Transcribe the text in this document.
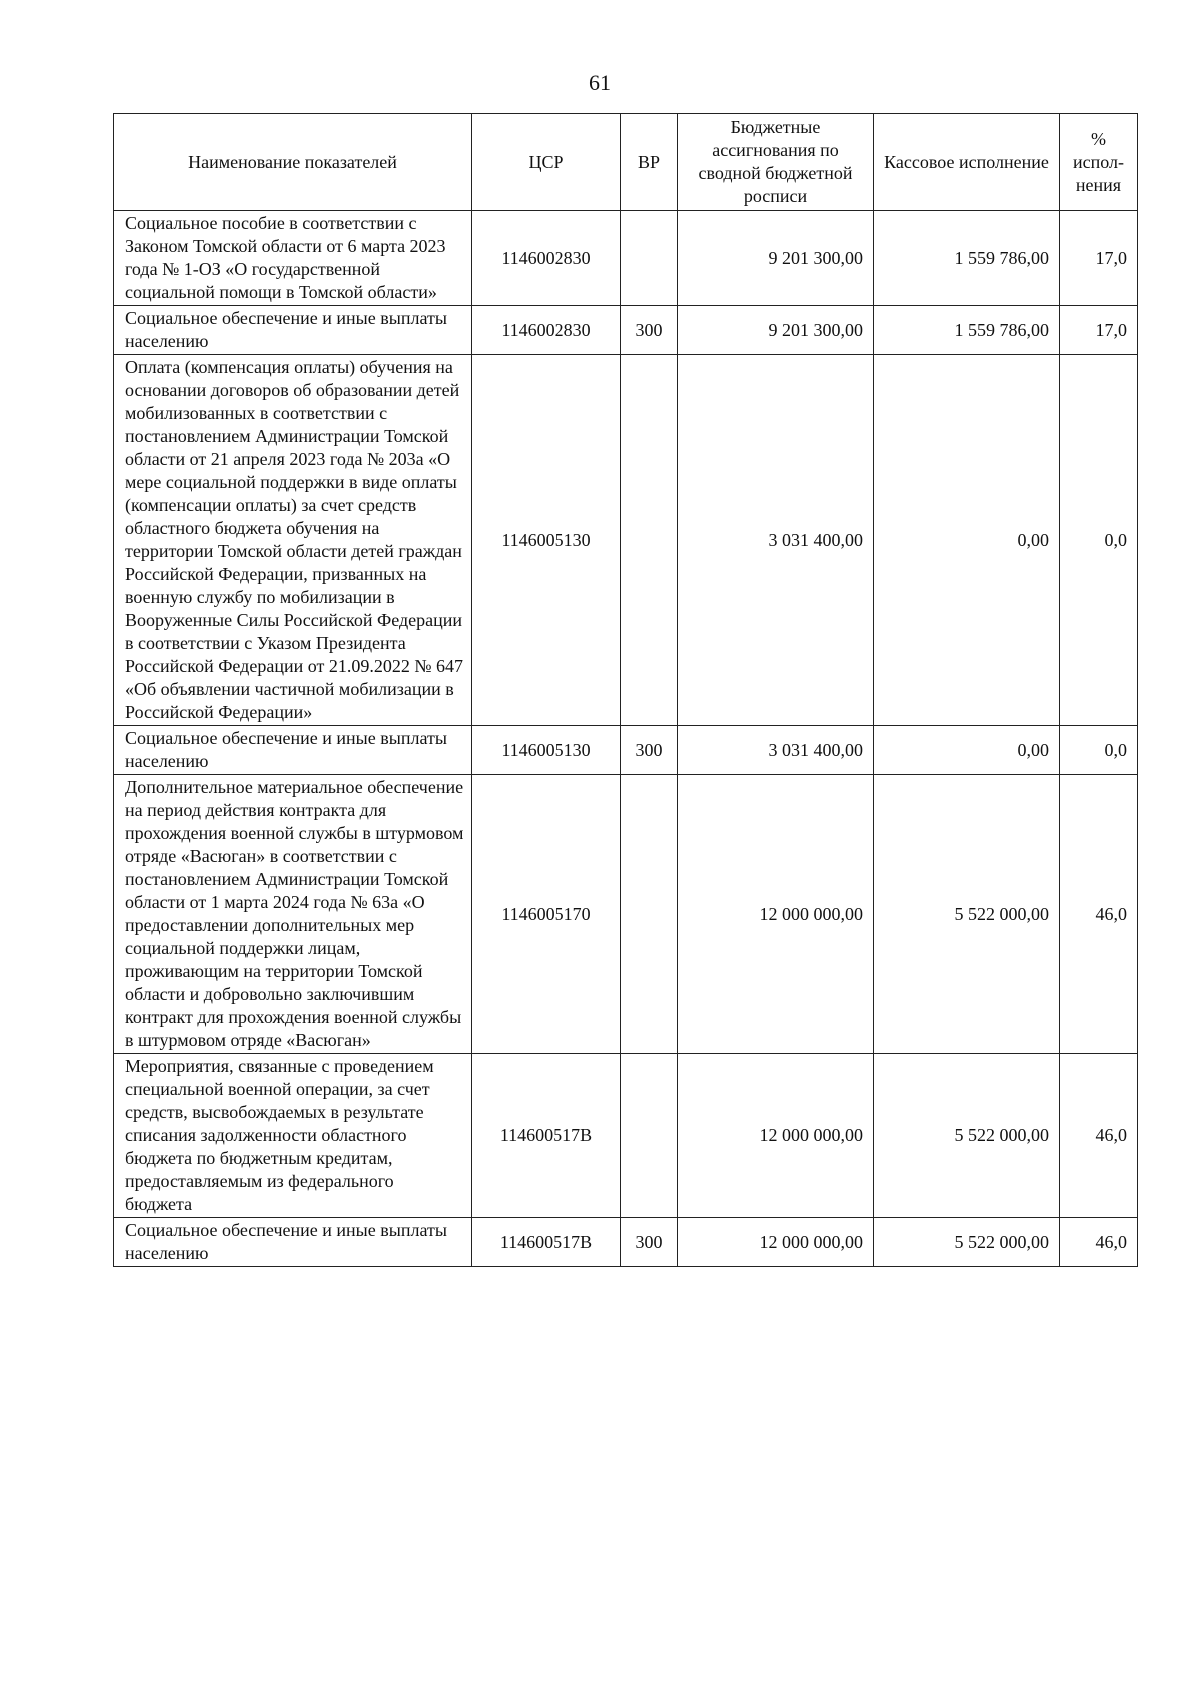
61
Наименование показателей	ЦСР	ВР	Бюджетные ассигнования по сводной бюджетной росписи	Кассовое исполнение	% испол-нения
Социальное пособие в соответствии с Законом Томской области от 6 марта 2023 года № 1-ОЗ «О государственной социальной помощи в Томской области»	1146002830		9 201 300,00	1 559 786,00	17,0
Социальное обеспечение и иные выплаты населению	1146002830	300	9 201 300,00	1 559 786,00	17,0
Оплата (компенсация оплаты) обучения на основании договоров об образовании детей мобилизованных в соответствии с постановлением Администрации Томской области от 21 апреля 2023 года № 203а «О мере социальной поддержки в виде оплаты (компенсации оплаты) за счет средств областного бюджета обучения на территории Томской области детей граждан Российской Федерации, призванных на военную службу по мобилизации в Вооруженные Силы Российской Федерации в соответствии с Указом Президента Российской Федерации от 21.09.2022 № 647 «Об объявлении частичной мобилизации в Российской Федерации»	1146005130		3 031 400,00	0,00	0,0
Социальное обеспечение и иные выплаты населению	1146005130	300	3 031 400,00	0,00	0,0
Дополнительное материальное обеспечение на период действия контракта для прохождения военной службы в штурмовом отряде «Васюган» в соответствии с постановлением Администрации Томской области от 1 марта 2024 года № 63а «О предоставлении дополнительных мер социальной поддержки лицам, проживающим на территории Томской области и добровольно заключившим контракт для прохождения военной службы в штурмовом отряде «Васюган»	1146005170		12 000 000,00	5 522 000,00	46,0
Мероприятия, связанные с проведением специальной военной операции, за счет средств, высвобождаемых в результате списания задолженности областного бюджета по бюджетным кредитам, предоставляемым из федерального бюджета	114600517В		12 000 000,00	5 522 000,00	46,0
Социальное обеспечение и иные выплаты населению	114600517В	300	12 000 000,00	5 522 000,00	46,0
